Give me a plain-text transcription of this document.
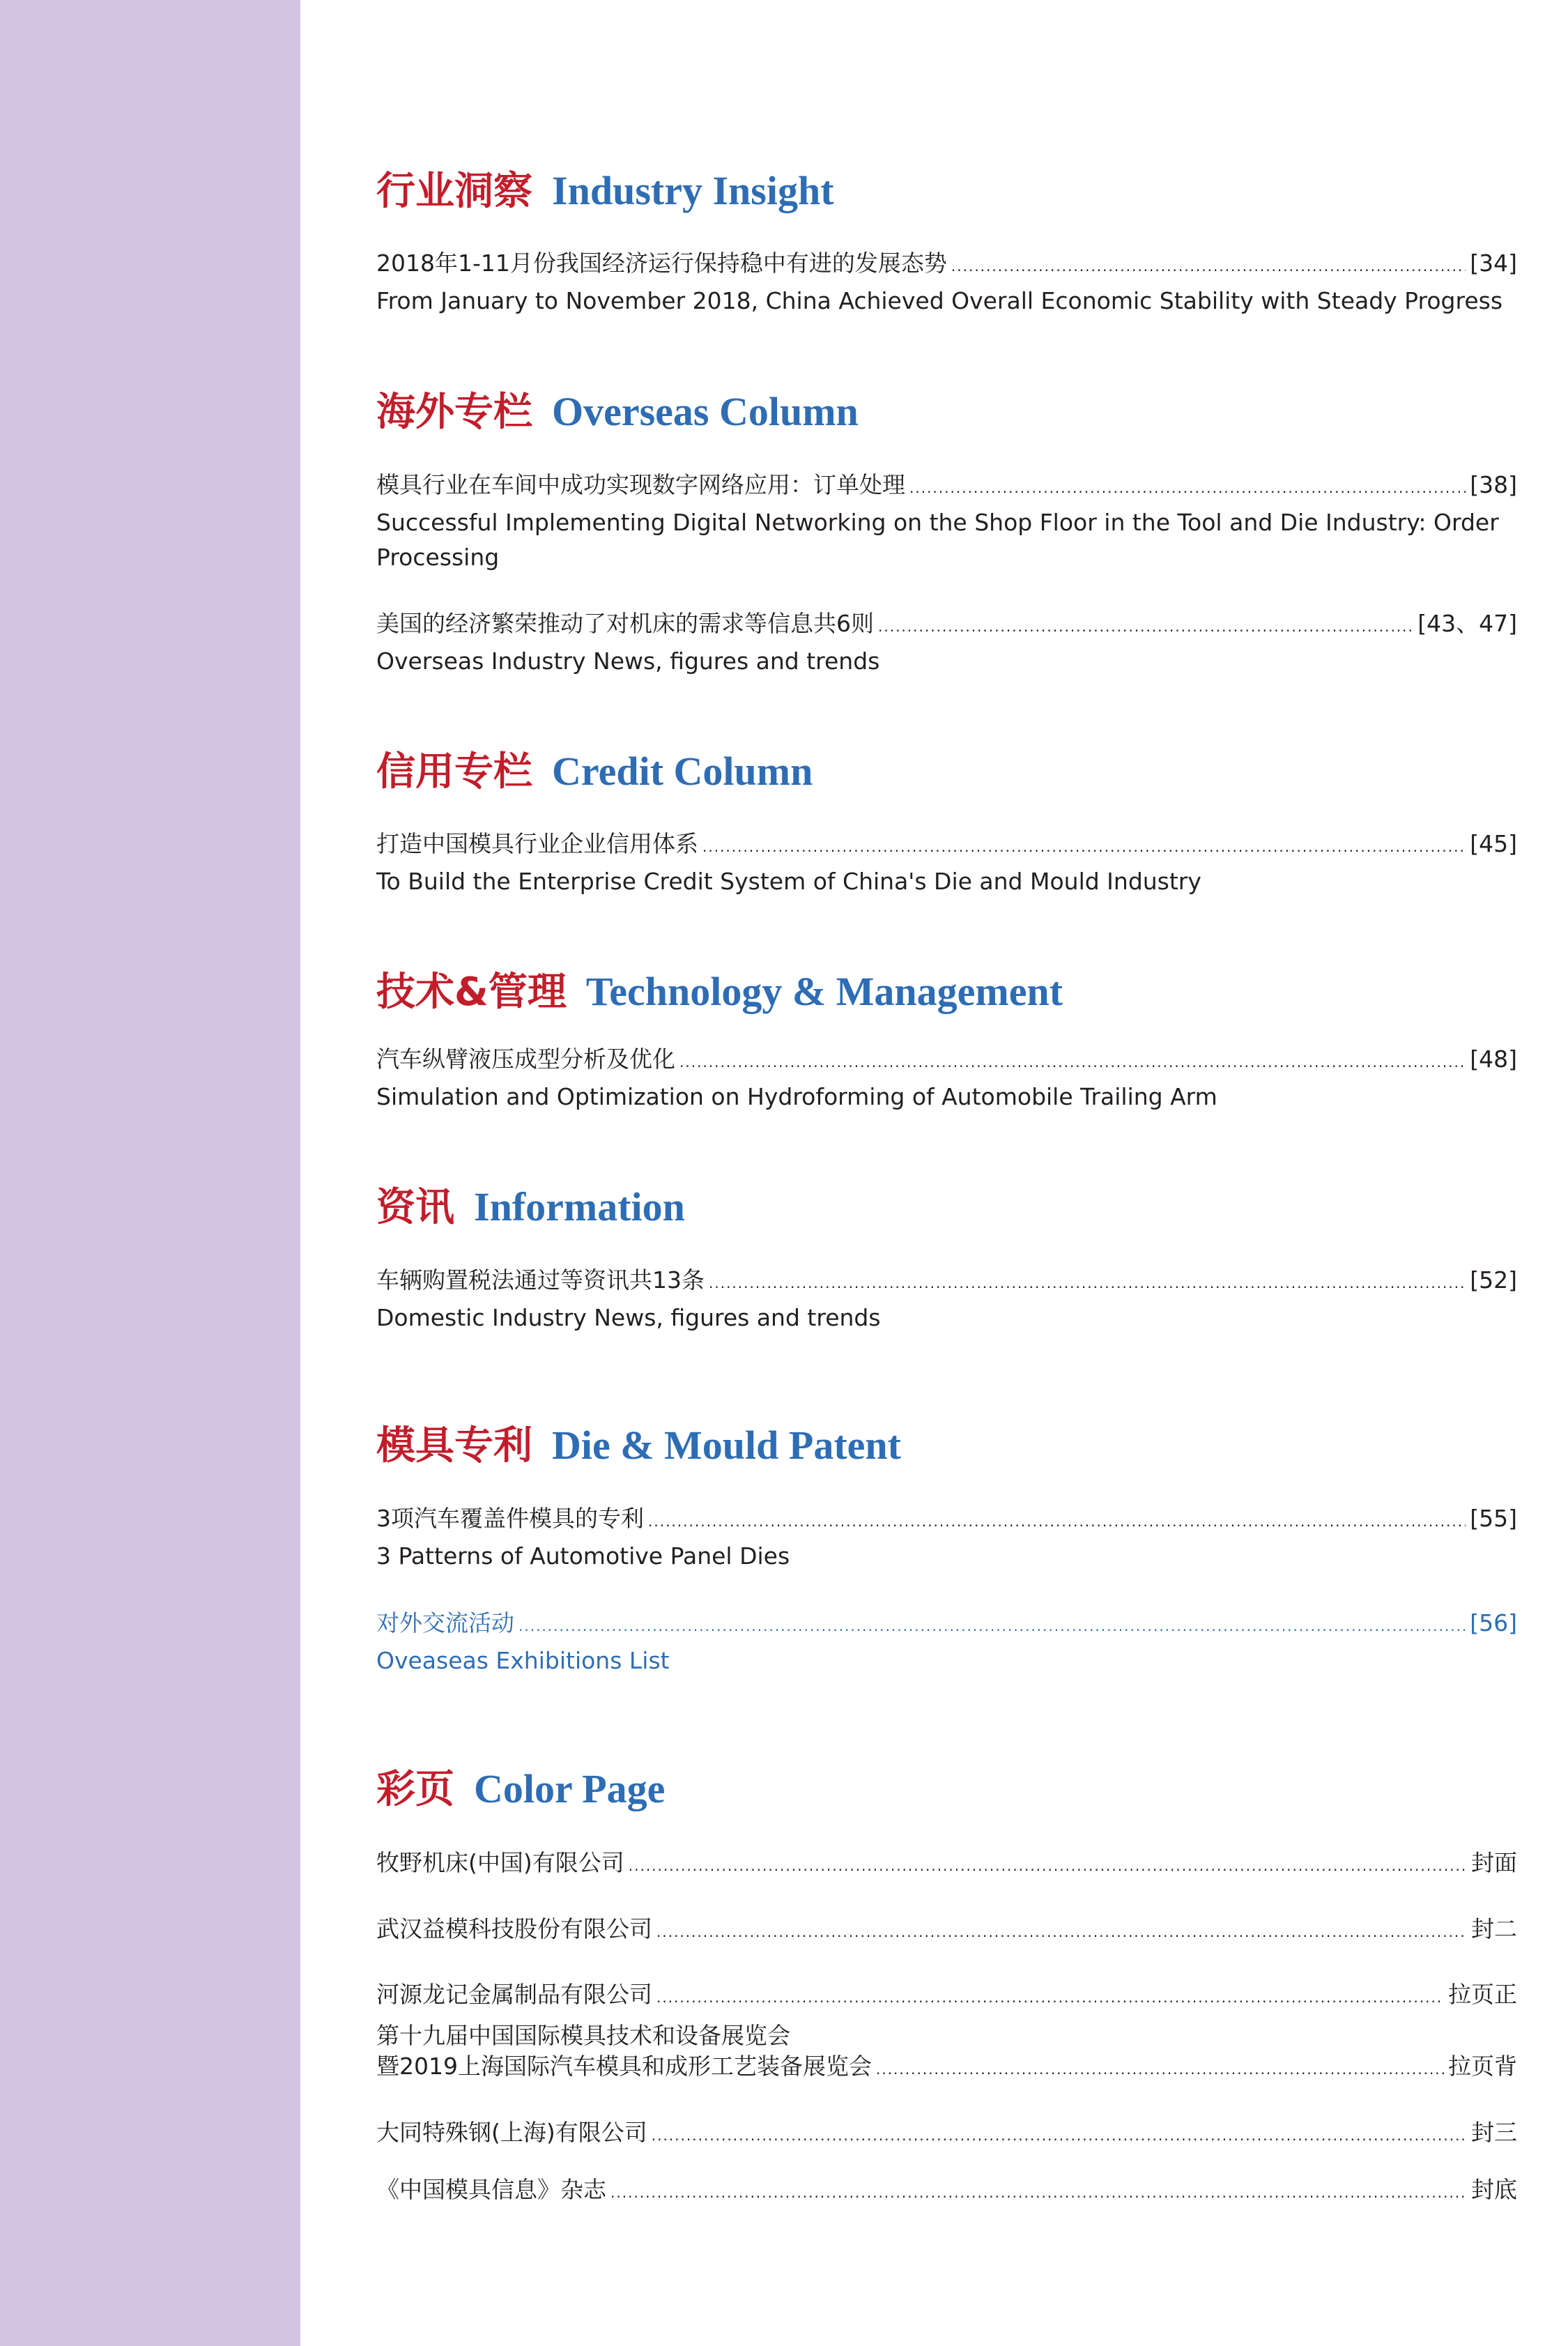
行业洞察 Industry Insight
2018年1-11月份我国经济运行保持稳中有进的发展态势 .....	[34]
From January to November 2018, China Achieved Overall Economic Stability with Steady Progress
海外专栏 Overseas Column
模具行业在车间中成功实现数字网络应用：订单处理 .....	[38]
Successful Implementing Digital Networking on the Shop Floor in the Tool and Die Industry: Order Processing
美国的经济繁荣推动了对机床的需求等信息共6则 .....	[43、47]
Overseas Industry News, figures and trends
信用专栏 Credit Column
打造中国模具行业企业信用体系 .....	[45]
To Build the Enterprise Credit System of China's Die and Mould Industry
技术&管理 Technology & Management
汽车纵臂液压成型分析及优化 .....	[48]
Simulation and Optimization on Hydroforming of Automobile Trailing Arm
资讯 Information
车辆购置税法通过等资讯共13条 .....	[52]
Domestic Industry News, figures and trends
模具专利 Die & Mould Patent
3项汽车覆盖件模具的专利 .....	[55]
3 Patterns of Automotive Panel Dies
对外交流活动 .....	[56]
Oveaseas Exhibitions List
彩页 Color Page
牧野机床(中国)有限公司 .....	封面
武汉益模科技股份有限公司 .....	封二
河源龙记金属制品有限公司 .....	拉页正
第十九届中国国际模具技术和设备展览会
暨2019上海国际汽车模具和成形工艺装备展览会 .....	拉页背
大同特殊钢(上海)有限公司 .....	封三
《中国模具信息》杂志 .....	封底
